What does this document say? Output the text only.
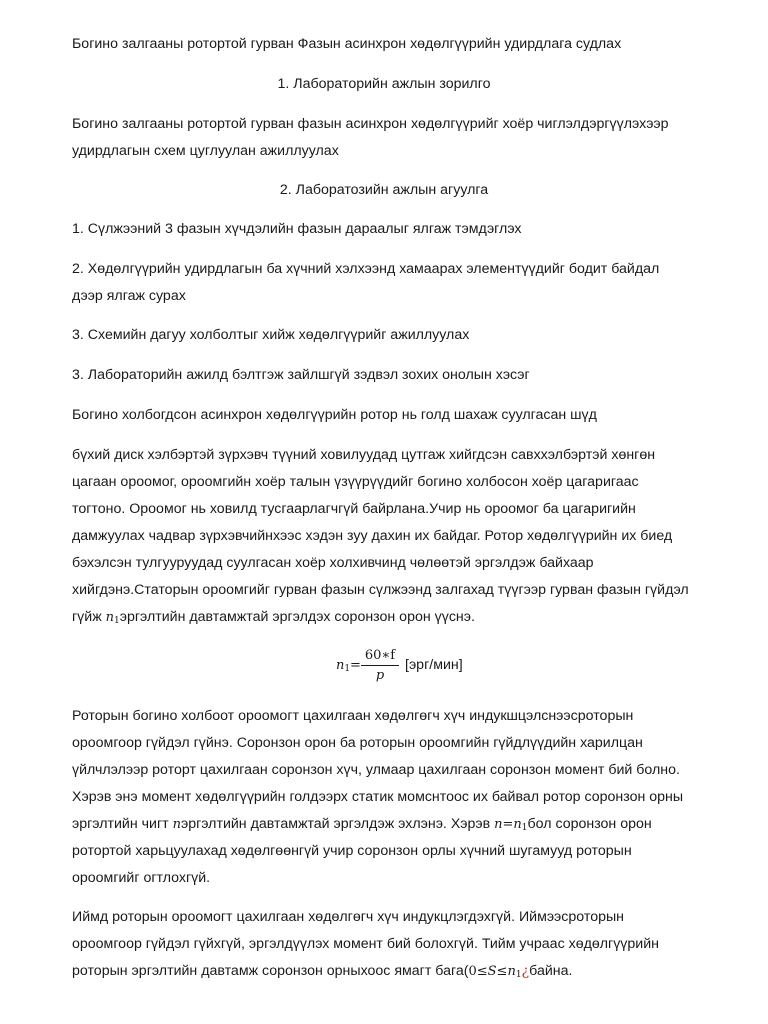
Богино залгааны ротортой гурван Фазын асинхрон хөдөлгүүрийн удирдлага судлах

1. Лабораторийн ажлын зорилго

Богино залгааны ротортой гурван фазын асинхрон хөдөлгүүрийг хоёр чиглэлдэргүүлэхээр

удирдлагын схем цуглуулан ажиллуулах

2. Лаборатозийн ажлын агуулга

1. Сүлжээний 3 фазын хүчдэлийн фазын дараалыг ялгаж тэмдэглэх

2. Хөдөлгүүрийн удирдлагын ба хүчний хэлхээнд хамаарах элементүүдийг бодит байдал

дээр ялгаж сурах

3. Схемийн дагуу холболтыг хийж хөдөлгүүрийг ажиллуулах

3. Лабораторийн ажилд бэлтгэж зайлшгүй зэдвэл зохих онолын хэсэг

Богино холбогдсон асинхрон хөдөлгүүрийн ротор нь голд шахаж суулгасан шүд

бүхий диск хэлбэртэй зүрхэвч түүний ховилуудад цутгаж хийгдсэн савххэлбэртэй хөнгөн

цагаан ороомог, ороомгийн хоёр талын үзүүрүүдийг богино холбосон хоёр цагаригаас

тогтоно. Ороомог нь ховилд тусгаарлагчгүй байрлана.Учир нь ороомог ба цагаригийн

дамжуулах чадвар зүрхэвчийнхээс хэдэн зуу дахин их байдаг. Ротор хөдөлгүүрийн их биед

бэхэлсэн тулгууруудад суулгасан хоёр холхивчинд чөлөөтэй эргэлдэж байхаар

хийгдэнэ.Статорын ороомгийг гурван фазын сүлжээнд залгахад түүгээр гурван фазын гүйдэл

гүйж n1эргэлтийн давтамжтай эргэлдэх соронзон орон үүснэ.

n1 =
60∗f
p
[эрг/мин]

Роторын богино холбоот ороомогт цахилгаан хөдөлгөгч хүч индукшцэлснээсроторын

ороомгоор гүйдэл гүйнэ. Соронзон орон ба роторын ороомгийн гүйдлүүдийн харилцан

үйлчлэлээр роторт цахилгаан соронзон хүч, улмаар цахилгаан соронзон момент бий болно.

Хэрэв энэ момент хөдөлгүүрийн голдээрх статик момснтоос их байвал ротор соронзон орны

эргэлтийн чигт nэргэлтийн давтамжтай эргэлдэж эхлэнэ. Хэрэв n=n1бол соронзон орон

ротортой харьцуулахад хөдөлгөөнгүй учир соронзон орлы хүчний шугамууд роторын

ороомгийг огтлохгүй.

Иймд роторын ороомогт цахилгаан хөдөлгөгч хүч индукцлэгдэхгүй. Иймээсроторын

ороомгоор гүйдэл гүйхгүй, эргэлдүүлэх момент бий болохгүй. Тийм учраас хөдөлгүүрийн

роторын эргэлтийн давтамж соронзон орныхоос ямагт бага(0≤S≤n1¿байна.
